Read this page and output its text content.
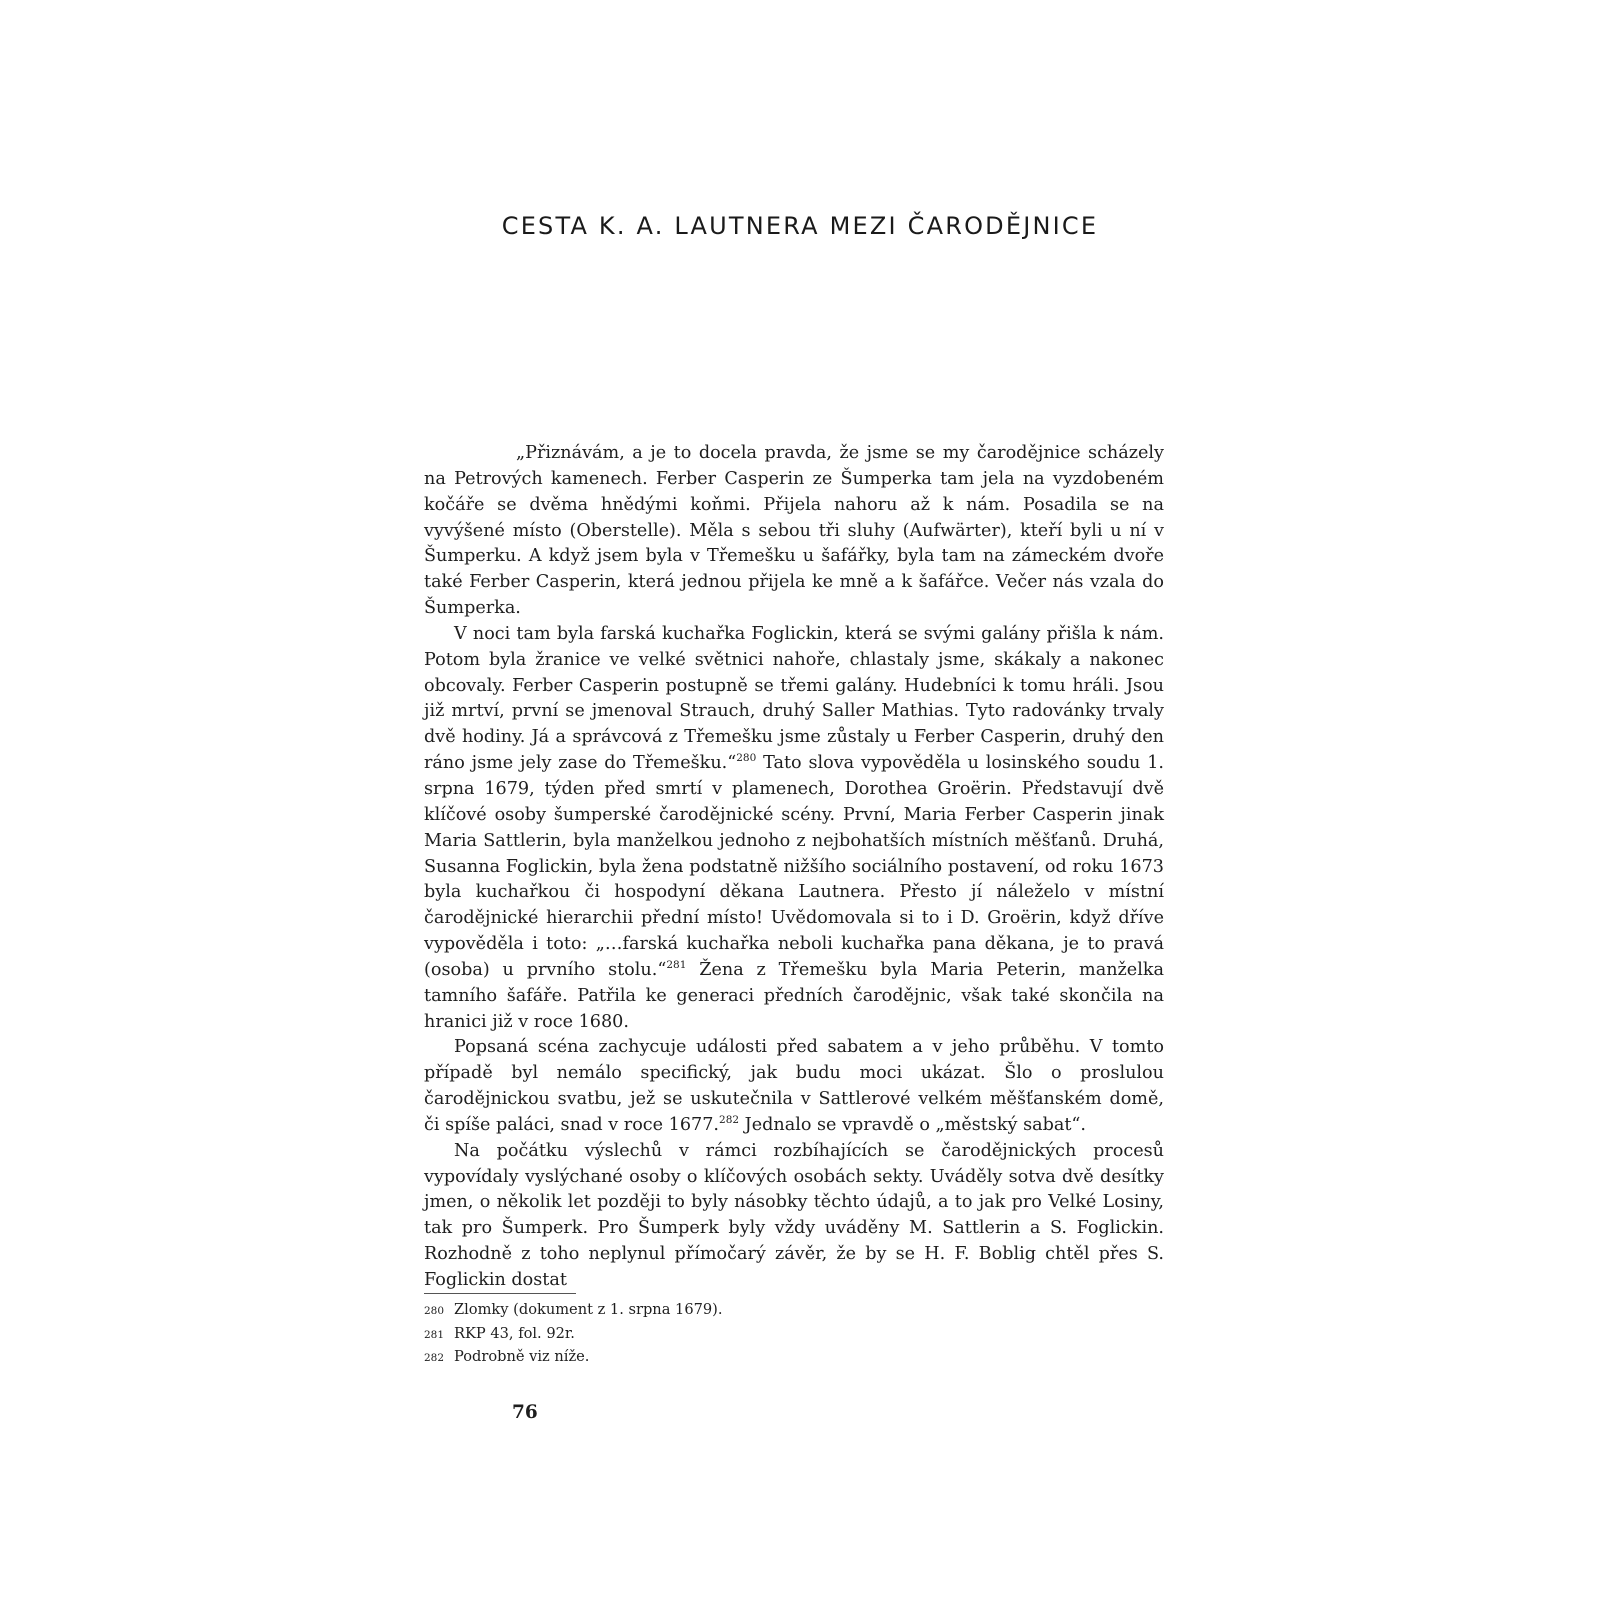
CESTA K. A. LAUTNERA MEZI ČARODĚJNICE

„Přiznávám, a je to docela pravda, že jsme se my čarodějnice scházely na Petrových kamenech. Ferber Casperin ze Šumperka tam jela na vyzdobeném kočáře se dvěma hnědými koňmi. Přijela nahoru až k nám. Posadila se na vyvýšené místo (Oberstelle). Měla s sebou tři sluhy (Aufwärter), kteří byli u ní v Šumperku. A když jsem byla v Třemešku u šafářky, byla tam na zámeckém dvoře také Ferber Casperin, která jednou přijela ke mně a k šafářce. Večer nás vzala do Šumperka.

V noci tam byla farská kuchařka Foglickin, která se svými galány přišla k nám. Potom byla žranice ve velké světnici nahoře, chlastaly jsme, skákaly a nakonec obcovaly. Ferber Casperin postupně se třemi galány. Hudebníci k tomu hráli. Jsou již mrtví, první se jmenoval Strauch, druhý Saller Mathias. Tyto radovánky trvaly dvě hodiny. Já a správcová z Třemešku jsme zůstaly u Ferber Casperin, druhý den ráno jsme jely zase do Třemešku.“$^{280}$ Tato slova vypověděla u losinského soudu 1. srpna 1679, týden před smrtí v plamenech, Dorothea Groërin. Představují dvě klíčové osoby šumperské čarodějnické scény. První, Maria Ferber Casperin jinak Maria Sattlerin, byla manželkou jednoho z nejbohatších místních měšťanů. Druhá, Susanna Foglickin, byla žena podstatně nižšího sociálního postavení, od roku 1673 byla kuchařkou či hospodyní děkana Lautnera. Přesto jí náleželo v místní čarodějnické hierarchii přední místo! Uvědomovala si to i D. Groërin, když dříve vypověděla i toto: „…farská kuchařka neboli kuchařka pana děkana, je to pravá (osoba) u prvního stolu.“$^{281}$ Žena z Třemešku byla Maria Peterin, manželka tamního šafáře. Patřila ke generaci předních čarodějnic, však také skončila na hranici již v roce 1680.

Popsaná scéna zachycuje události před sabatem a v jeho průběhu. V tomto případě byl nemálo specifický, jak budu moci ukázat. Šlo o proslulou čarodějnickou svatbu, jež se uskutečnila v Sattlerové velkém měšťanském domě, či spíše paláci, snad v roce 1677.$^{282}$ Jednalo se vpravdě o „městský sabat“.

Na počátku výslechů v rámci rozbíhajících se čarodějnických procesů vypovídaly vyslýchané osoby o klíčových osobách sekty. Uváděly sotva dvě desítky jmen, o několik let později to byly násobky těchto údajů, a to jak pro Velké Losiny, tak pro Šumperk. Pro Šumperk byly vždy uváděny M. Sattlerin a S. Foglickin. Rozhodně z toho neplynul přímočarý závěr, že by se H. F. Boblig chtěl přes S. Foglickin dostat

280 Zlomky (dokument z 1. srpna 1679).
281 RKP 43, fol. 92r.
282 Podrobně viz níže.
76
